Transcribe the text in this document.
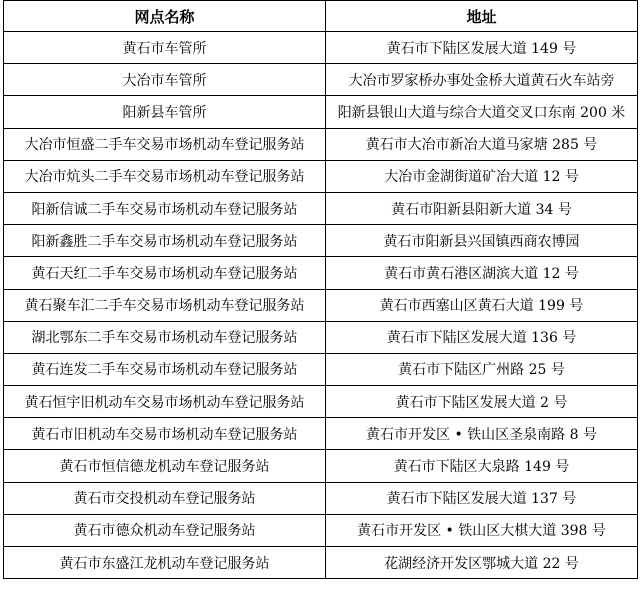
网点名称	地址
黄石市车管所	黄石市下陆区发展大道 149 号
大冶市车管所	大冶市罗家桥办事处金桥大道黄石火车站旁
阳新县车管所	阳新县银山大道与综合大道交叉口东南 200 米
大冶市恒盛二手车交易市场机动车登记服务站	黄石市大冶市新冶大道马家塘 285 号
大冶市炕头二手车交易市场机动车登记服务站	大冶市金湖街道矿冶大道 12 号
阳新信诚二手车交易市场机动车登记服务站	黄石市阳新县阳新大道 34 号
阳新鑫胜二手车交易市场机动车登记服务站	黄石市阳新县兴国镇西商农博园
黄石天红二手车交易市场机动车登记服务站	黄石市黄石港区湖滨大道 12 号
黄石聚车汇二手车交易市场机动车登记服务站	黄石市西塞山区黄石大道 199 号
湖北鄂东二手车交易市场机动车登记服务站	黄石市下陆区发展大道 136 号
黄石连发二手车交易市场机动车登记服务站	黄石市下陆区广州路 25 号
黄石恒宇旧机动车交易市场机动车登记服务站	黄石市下陆区发展大道 2 号
黄石市旧机动车交易市场机动车登记服务站	黄石市开发区 • 铁山区圣泉南路 8 号
黄石市恒信德龙机动车登记服务站	黄石市下陆区大泉路 149 号
黄石市交投机动车登记服务站	黄石市下陆区发展大道 137 号
黄石市德众机动车登记服务站	黄石市开发区 • 铁山区大棋大道 398 号
黄石市东盛江龙机动车登记服务站	花湖经济开发区鄂城大道 22 号
